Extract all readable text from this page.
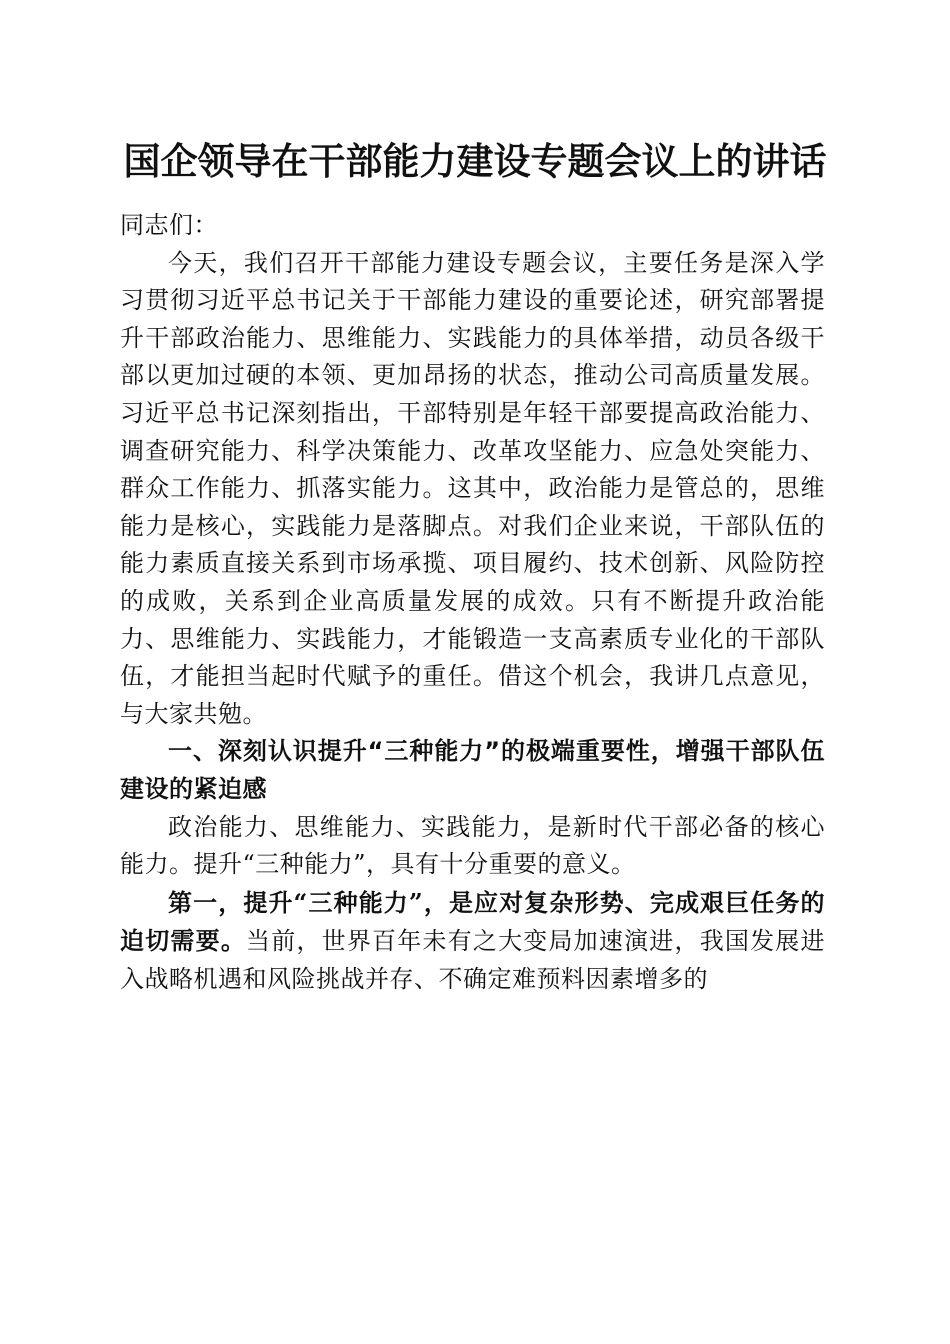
国企领导在干部能力建设专题会议上的讲话

同志们：

今天，我们召开干部能力建设专题会议，主要任务是深入学习贯彻习近平总书记关于干部能力建设的重要论述，研究部署提升干部政治能力、思维能力、实践能力的具体举措，动员各级干部以更加过硬的本领、更加昂扬的状态，推动公司高质量发展。习近平总书记深刻指出，干部特别是年轻干部要提高政治能力、调查研究能力、科学决策能力、改革攻坚能力、应急处突能力、群众工作能力、抓落实能力。这其中，政治能力是管总的，思维能力是核心，实践能力是落脚点。对我们企业来说，干部队伍的能力素质直接关系到市场承揽、项目履约、技术创新、风险防控的成败，关系到企业高质量发展的成效。只有不断提升政治能力、思维能力、实践能力，才能锻造一支高素质专业化的干部队伍，才能担当起时代赋予的重任。借这个机会，我讲几点意见，与大家共勉。

一、深刻认识提升“三种能力”的极端重要性，增强干部队伍建设的紧迫感

政治能力、思维能力、实践能力，是新时代干部必备的核心能力。提升“三种能力”，具有十分重要的意义。

第一，提升“三种能力”，是应对复杂形势、完成艰巨任务的迫切需要。当前，世界百年未有之大变局加速演进，我国发展进入战略机遇和风险挑战并存、不确定难预料因素增多的
